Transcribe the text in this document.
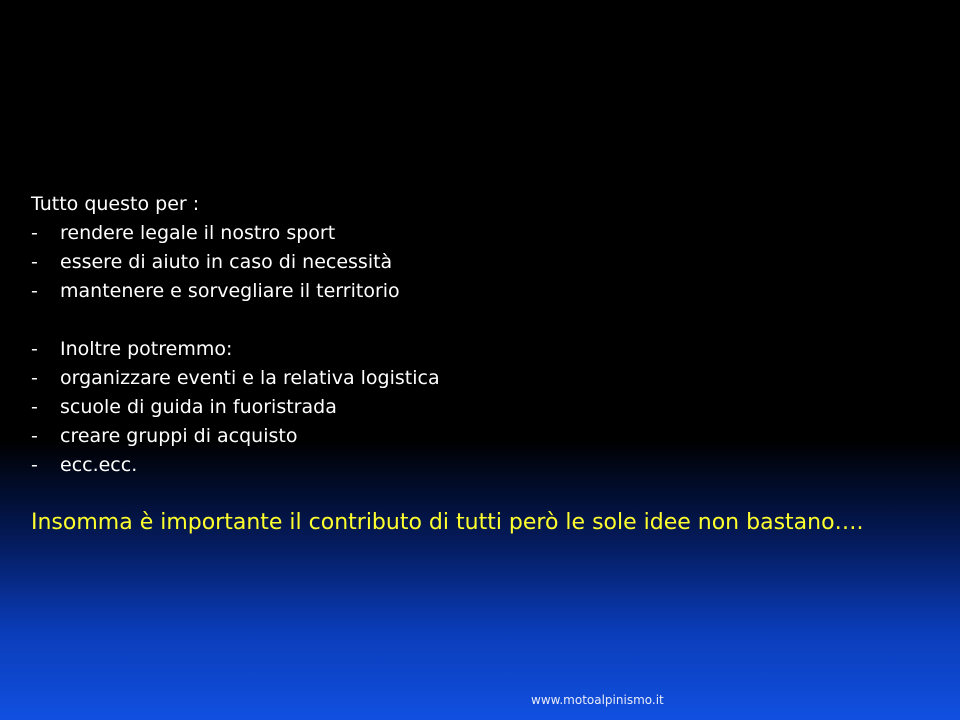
Tutto questo per :
- rendere legale il nostro sport
- essere di aiuto in caso di necessità
- mantenere e sorvegliare il territorio
- Inoltre potremmo:
- organizzare eventi e la relativa logistica
- scuole di guida in fuoristrada
- creare gruppi di acquisto
- ecc.ecc.
Insomma è importante il contributo di tutti però le sole idee non bastano….
www.motoalpinismo.it
